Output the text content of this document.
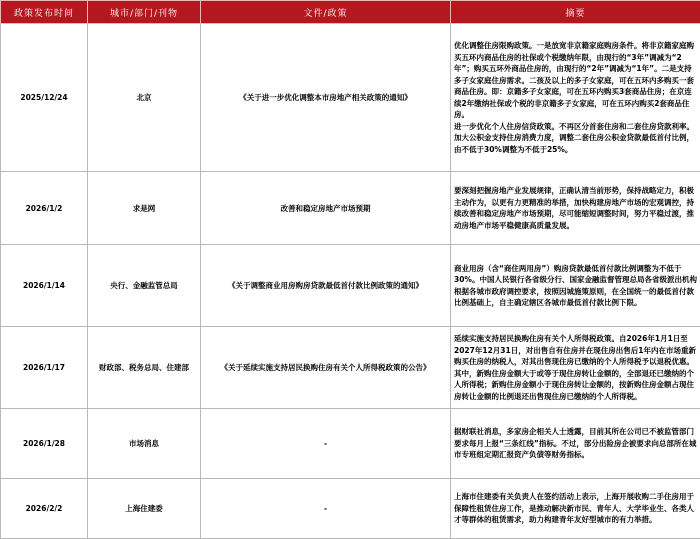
政策发布时间	城市/部门/刊物	文件/政策	摘要
2025/12/24	北京	《关于进一步优化调整本市房地产相关政策的通知》	优化调整住房限购政策。一是放宽非京籍家庭购房条件。将非京籍家庭购买五环内商品住房的社保或个税缴纳年限，由现行的“3年”调减为“2年”；购买五环外商品住房的，由现行的“2年”调减为“1年”。二是支持多子女家庭住房需求。二孩及以上的多子女家庭，可在五环内多购买一套商品住房。即：京籍多子女家庭，可在五环内购买3套商品住房；在京连续2年缴纳社保或个税的非京籍多子女家庭，可在五环内购买2套商品住房。
进一步优化个人住房信贷政策。不再区分首套住房和二套住房贷款利率。加大公积金支持住房消费力度，调整二套住房公积金贷款最低首付比例，由不低于30%调整为不低于25%。

2026/1/2	求是网	改善和稳定房地产市场预期	要深刻把握房地产业发展规律，正确认清当前形势，保持战略定力，积极主动作为，以更有力更精准的举措，加快构建房地产市场的宏观调控，持续改善和稳定房地产市场预期，尽可能缩短调整时间，努力平稳过渡，推动房地产市场平稳健康高质量发展。

2026/1/14	央行、金融监管总局	《关于调整商业用房购房贷款最低首付款比例政策的通知》	商业用房（含“商住两用房”）购房贷款最低首付款比例调整为不低于30%。中国人民银行各省级分行、国家金融监督管理总局各省级派出机构根据各城市政府调控要求，按照因城施策原则，在全国统一的最低首付款比例基础上，自主确定辖区各城市最低首付款比例下限。

2026/1/17	财政部、税务总局、住建部	《关于延续实施支持居民换购住房有关个人所得税政策的公告》	延续实施支持居民换购住房有关个人所得税政策。自2026年1月1日至2027年12月31日，对出售自有住房并在现住房出售后1年内在市场重新购买住房的纳税人，对其出售现住房已缴纳的个人所得税予以退税优惠。其中，新购住房金额大于或等于现住房转让金额的，全部退还已缴纳的个人所得税；新购住房金额小于现住房转让金额的，按新购住房金额占现住房转让金额的比例退还出售现住房已缴纳的个人所得税。

2026/1/28	市场消息	-	据财联社消息，多家房企相关人士透露，目前其所在公司已不被监管部门要求每月上报“三条红线”指标。不过，部分出险房企被要求向总部所在城市专班组定期汇报资产负债等财务指标。

2026/2/2	上海住建委	-	上海市住建委有关负责人在签约活动上表示，上海开展收购二手住房用于保障性租赁住房工作，是推动解决新市民、青年人、大学毕业生、各类人才等群体的租赁需求，助力构建青年友好型城市的有力举措。
